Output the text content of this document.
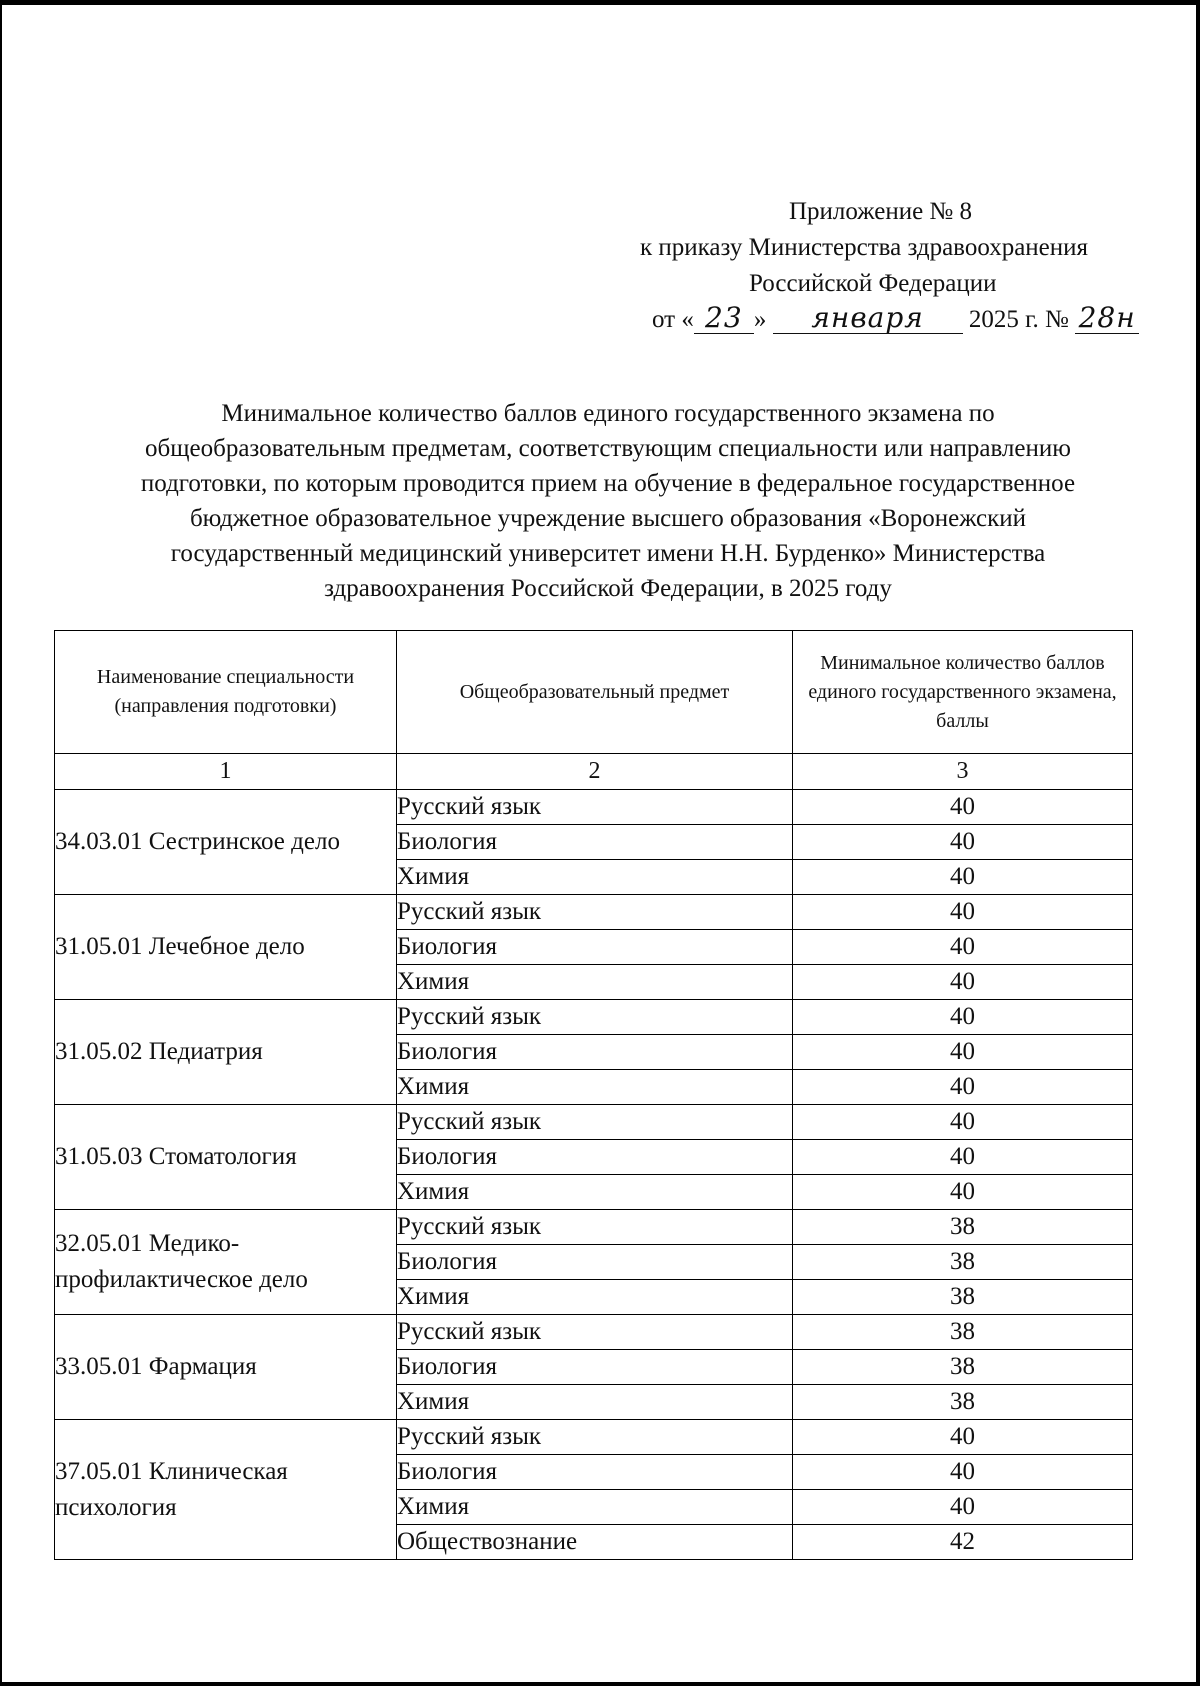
Приложение № 8
к приказу Министерства здравоохранения
Российской Федерации
от « 23 » января 2025 г. № 28н
Минимальное количество баллов единого государственного экзамена по
общеобразовательным предметам, соответствующим специальности или направлению
подготовки, по которым проводится прием на обучение в федеральное государственное
бюджетное образовательное учреждение высшего образования «Воронежский
государственный медицинский университет имени Н.Н. Бурденко» Министерства
здравоохранения Российской Федерации, в 2025 году
Наименование специальности (направления подготовки)	Общеобразовательный предмет	Минимальное количество баллов единого государственного экзамена, баллы
1	2	3
34.03.01 Сестринское дело	Русский язык	40
	Биология	40
	Химия	40
31.05.01 Лечебное дело	Русский язык	40
	Биология	40
	Химия	40
31.05.02 Педиатрия	Русский язык	40
	Биология	40
	Химия	40
31.05.03 Стоматология	Русский язык	40
	Биология	40
	Химия	40
32.05.01 Медико-профилактическое дело	Русский язык	38
	Биология	38
	Химия	38
33.05.01 Фармация	Русский язык	38
	Биология	38
	Химия	38
37.05.01 Клиническая психология	Русский язык	40
	Биология	40
	Химия	40
	Обществознание	42
